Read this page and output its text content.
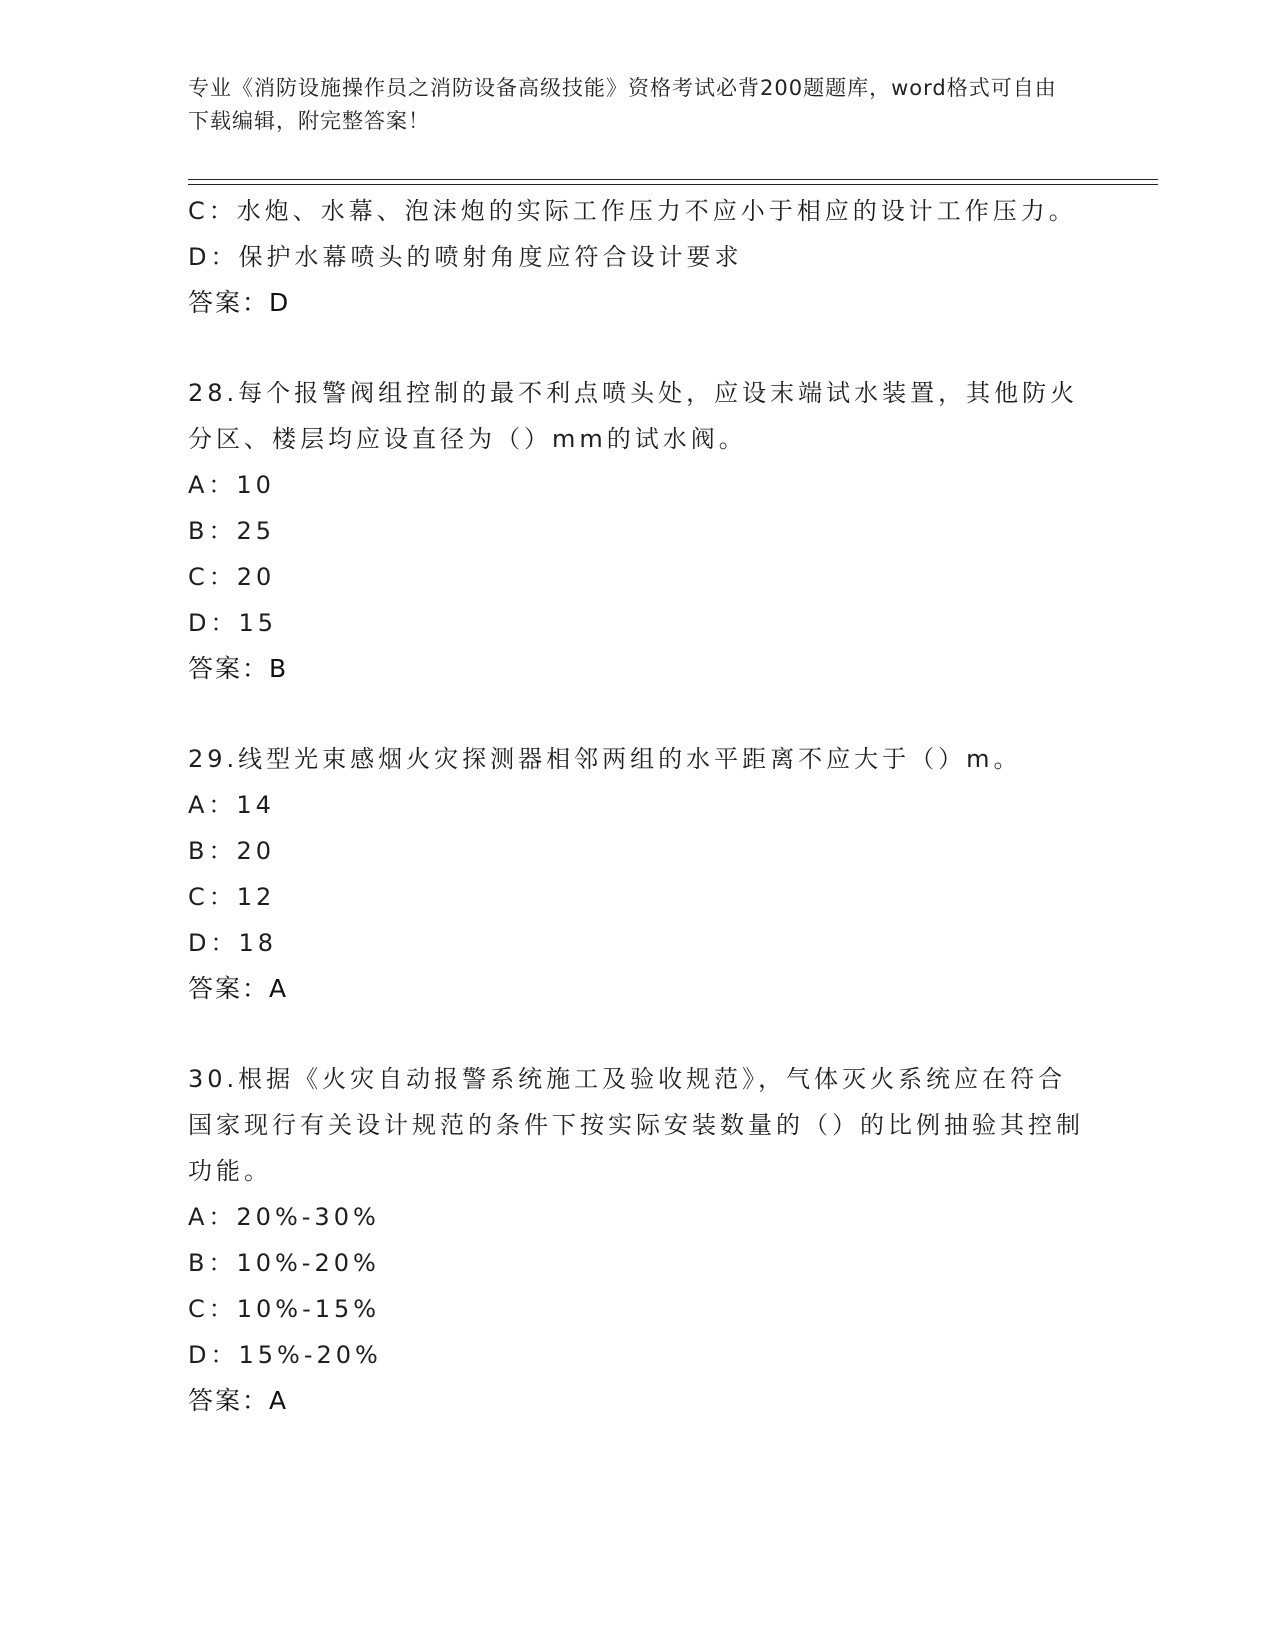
专业《消防设施操作员之消防设备高级技能》资格考试必背200题题库，word格式可自由下载编辑，附完整答案！
C：水炮、水幕、泡沫炮的实际工作压力不应小于相应的设计工作压力。
D：保护水幕喷头的喷射角度应符合设计要求
答案：D
28.每个报警阀组控制的最不利点喷头处，应设末端试水装置，其他防火分区、楼层均应设直径为（）mm的试水阀。
A：10
B：25
C：20
D：15
答案：B
29.线型光束感烟火灾探测器相邻两组的水平距离不应大于（）m。
A：14
B：20
C：12
D：18
答案：A
30.根据《火灾自动报警系统施工及验收规范》，气体灭火系统应在符合国家现行有关设计规范的条件下按实际安装数量的（）的比例抽验其控制功能。
A：20%-30%
B：10%-20%
C：10%-15%
D：15%-20%
答案：A
